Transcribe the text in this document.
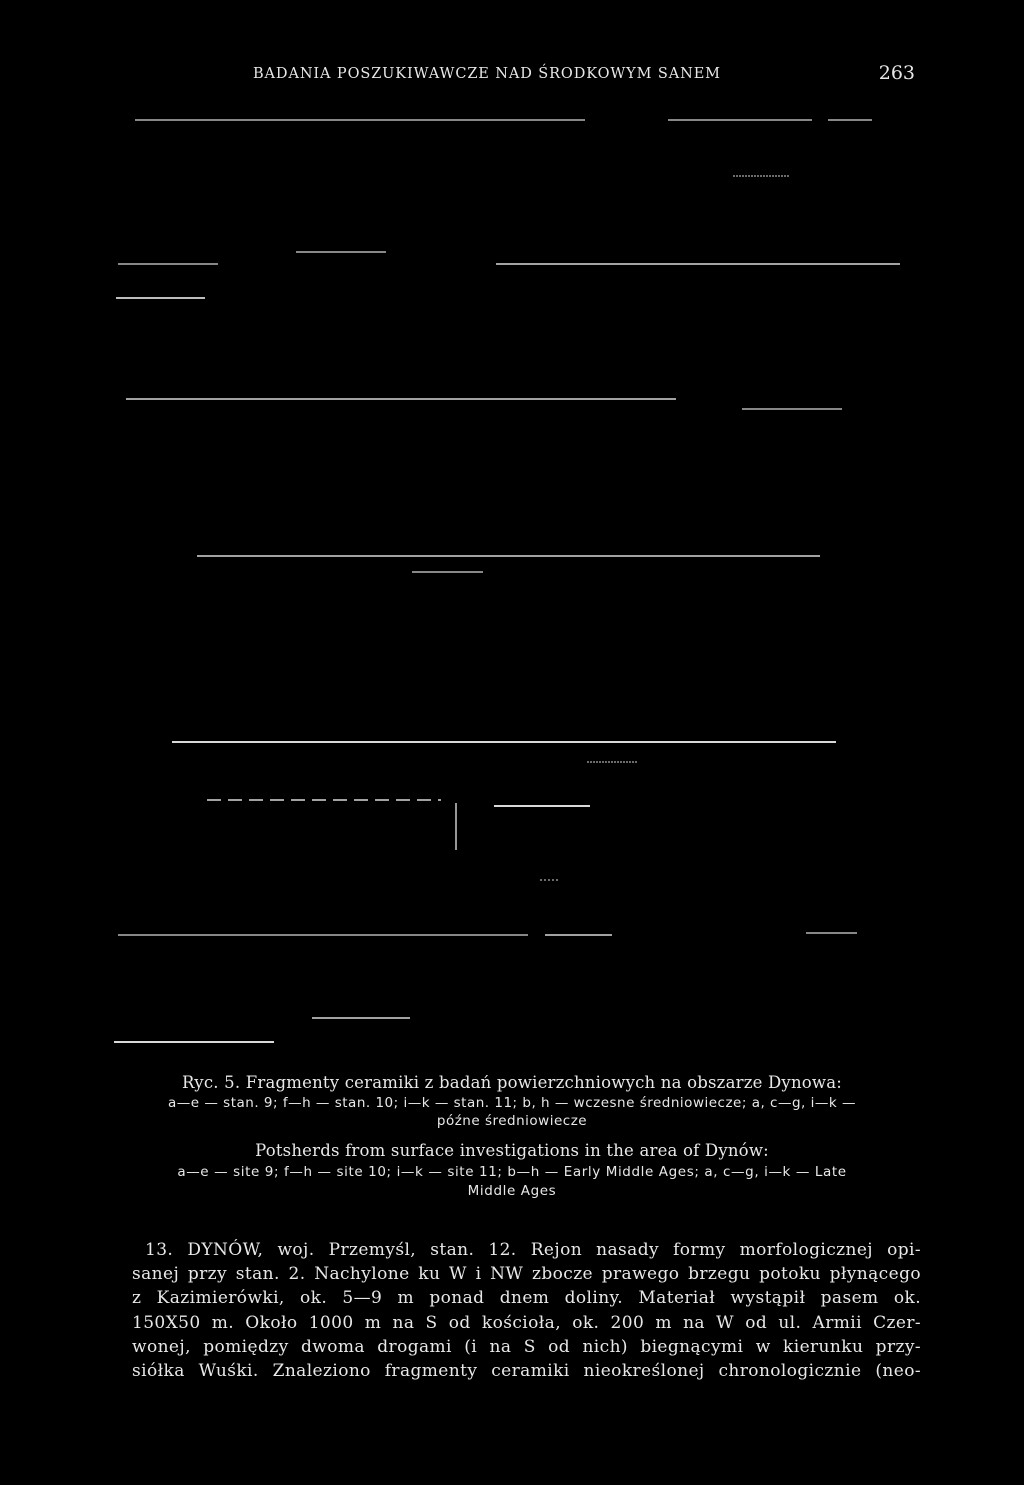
BADANIA POSZUKIWAWCZE NAD ŚRODKOWYM SANEM	263
Ryc. 5. Fragmenty ceramiki z badań powierzchniowych na obszarze Dynowa:
a—e — stan. 9; f—h — stan. 10; i—k — stan. 11; b, h — wczesne średniowiecze; a, c—g, i—k —
późne średniowiecze
Potsherds from surface investigations in the area of Dynów:
a—e — site 9; f—h — site 10; i—k — site 11; b—h — Early Middle Ages; a, c—g, i—k — Late
Middle Ages
13. DYNÓW, woj. Przemyśl, stan. 12. Rejon nasady formy morfologicznej opi-
sanej przy stan. 2. Nachylone ku W i NW zbocze prawego brzegu potoku płynącego
z Kazimierówki, ok. 5—9 m ponad dnem doliny. Materiał wystąpił pasem ok.
150X50 m. Około 1000 m na S od kościoła, ok. 200 m na W od ul. Armii Czer-
wonej, pomiędzy dwoma drogami (i na S od nich) biegnącymi w kierunku przy-
siółka Wuśki. Znaleziono fragmenty ceramiki nieokreślonej chronologicznie (neo-
